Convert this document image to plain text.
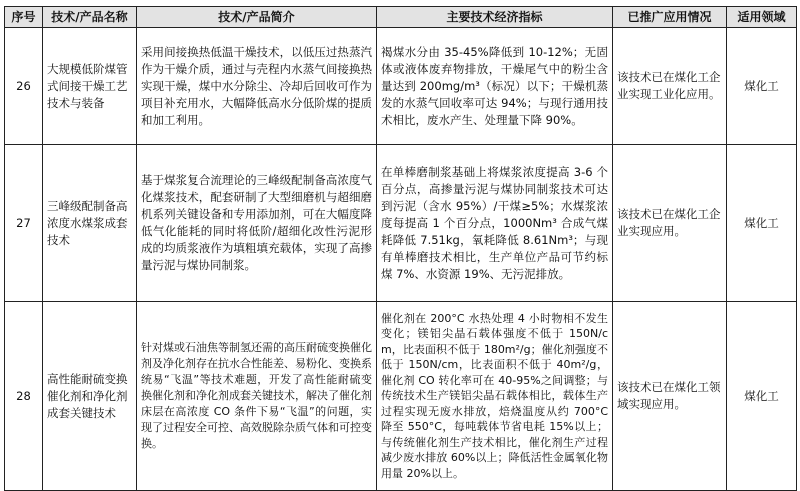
序号	技术/产品名称	技术/产品简介	主要技术经济指标	已推广应用情况	适用领域
26	大规模低阶煤管式间接干燥工艺技术与装备	采用间接换热低温干燥技术，以低压过热蒸汽作为干燥介质，通过与壳程内水蒸气间接换热实现干燥，煤中水分除尘、冷却后回收可作为项目补充用水，大幅降低高水分低阶煤的提质和加工利用。	褐煤水分由 35-45%降低到 10-12%；无固体或液体废弃物排放，干燥尾气中的粉尘含量达到 200mg/m³（标况）以下；干燥机蒸发的水蒸气回收率可达 94%；与现行通用技术相比，废水产生、处理量下降 90%。	该技术已在煤化工企业实现工业化应用。	煤化工
27	三峰级配制备高浓度水煤浆成套技术	基于煤浆复合流理论的三峰级配制备高浓度气化煤浆技术，配套研制了大型细磨机与超细磨机系列关键设备和专用添加剂，可在大幅度降低气化能耗的同时将低阶/超细化改性污泥形成的均质浆液作为填粗填充载体，实现了高掺量污泥与煤协同制浆。	在单棒磨制浆基础上将煤浆浓度提高 3-6 个百分点，高掺量污泥与煤协同制浆技术可达到污泥（含水 95%）/干煤≥5%；水煤浆浓度每提高 1 个百分点，1000Nm³ 合成气煤耗降低 7.51kg，氧耗降低 8.61Nm³；与现有单棒磨技术相比，生产单位产品可节约标煤 7%、水资源 19%、无污泥排放。	该技术已在煤化工企业实现应用。	煤化工
28	高性能耐硫变换催化剂和净化剂成套关键技术	针对煤或石油焦等制氢还需的高压耐硫变换催化剂及净化剂存在抗水合性能差、易粉化、变换系统易“飞温”等技术难题，开发了高性能耐硫变换催化剂和净化剂成套关键技术，解决了催化剂床层在高浓度 CO 条件下易“飞温”的问题，实现了过程安全可控、高效脱除杂质气体和可控变换。	催化剂在 200°C 水热处理 4 小时物相不发生变化；镁铝尖晶石载体强度不低于 150N/cm，比表面积不低于 180m²/g；催化剂强度不低于 150N/cm，比表面积不低于 40m²/g，催化剂 CO 转化率可在 40-95%之间调整；与传统技术生产镁铝尖晶石载体相比，载体生产过程实现无废水排放，焙烧温度从约 700°C 降至 550°C，每吨载体节省电耗 15%以上；与传统催化剂生产技术相比，催化剂生产过程减少废水排放 60%以上；降低活性金属氧化物用量 20%以上。	该技术已在煤化工领域实现应用。	煤化工
